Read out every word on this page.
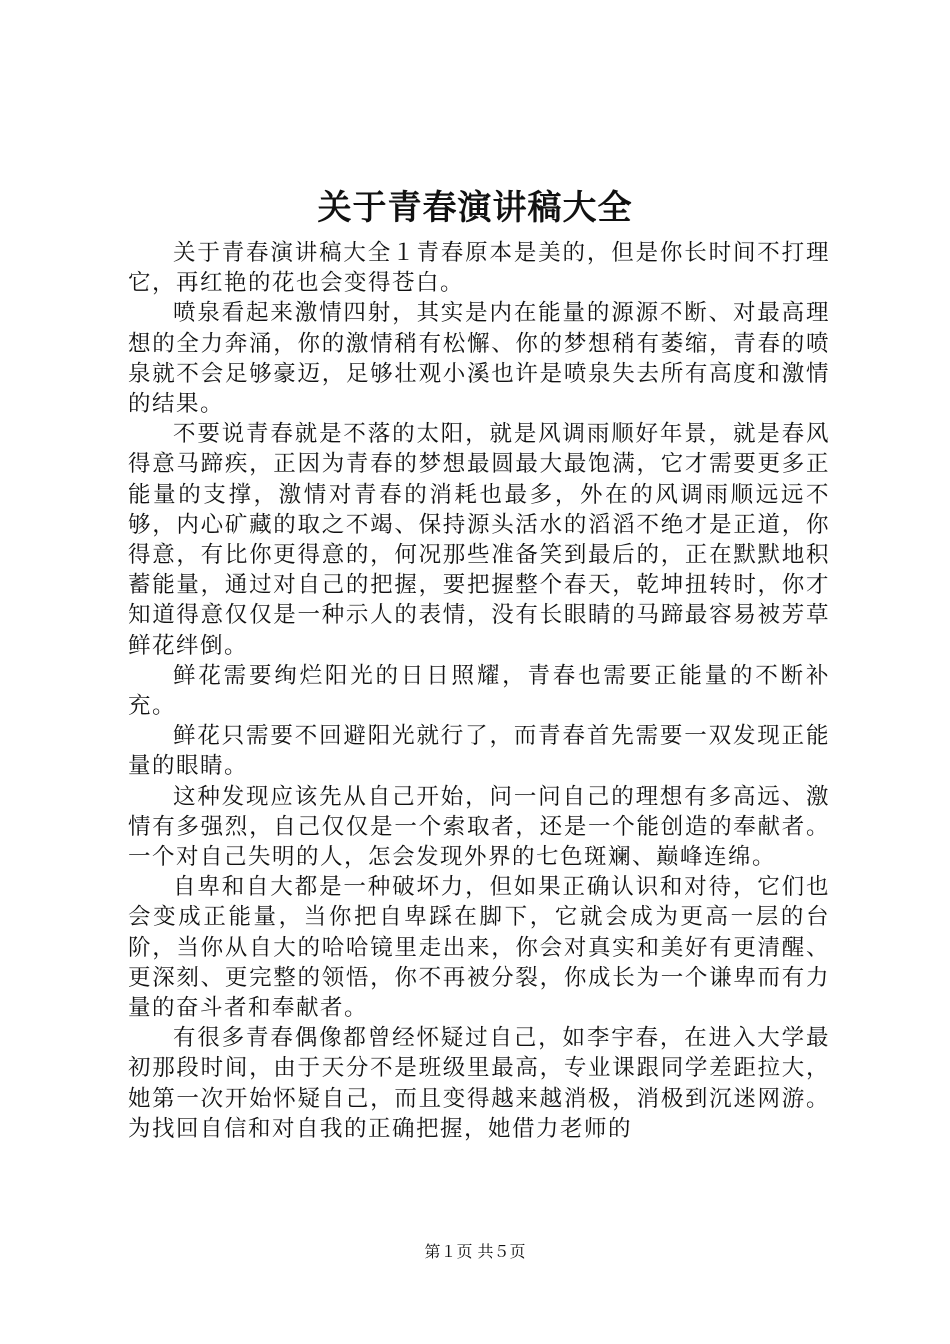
关于青春演讲稿大全

关于青春演讲稿大全１青春原本是美的，但是你长时间不打理它，再红艳的花也会变得苍白。

喷泉看起来激情四射，其实是内在能量的源源不断、对最高理想的全力奔涌，你的激情稍有松懈、你的梦想稍有萎缩，青春的喷泉就不会足够豪迈，足够壮观小溪也许是喷泉失去所有高度和激情的结果。

不要说青春就是不落的太阳，就是风调雨顺好年景，就是春风得意马蹄疾，正因为青春的梦想最圆最大最饱满，它才需要更多正能量的支撑，激情对青春的消耗也最多，外在的风调雨顺远远不够，内心矿藏的取之不竭、保持源头活水的滔滔不绝才是正道，你得意，有比你更得意的，何况那些准备笑到最后的，正在默默地积蓄能量，通过对自己的把握，要把握整个春天，乾坤扭转时，你才知道得意仅仅是一种示人的表情，没有长眼睛的马蹄最容易被芳草鲜花绊倒。

鲜花需要绚烂阳光的日日照耀，青春也需要正能量的不断补充。

鲜花只需要不回避阳光就行了，而青春首先需要一双发现正能量的眼睛。

这种发现应该先从自己开始，问一问自己的理想有多高远、激情有多强烈，自己仅仅是一个索取者，还是一个能创造的奉献者。一个对自己失明的人，怎会发现外界的七色斑斓、巅峰连绵。

自卑和自大都是一种破坏力，但如果正确认识和对待，它们也会变成正能量，当你把自卑踩在脚下，它就会成为更高一层的台阶，当你从自大的哈哈镜里走出来，你会对真实和美好有更清醒、更深刻、更完整的领悟，你不再被分裂，你成长为一个谦卑而有力量的奋斗者和奉献者。

有很多青春偶像都曾经怀疑过自己，如李宇春，在进入大学最初那段时间，由于天分不是班级里最高，专业课跟同学差距拉大，她第一次开始怀疑自己，而且变得越来越消极，消极到沉迷网游。为找回自信和对自我的正确把握，她借力老师的

第１页 共５页
